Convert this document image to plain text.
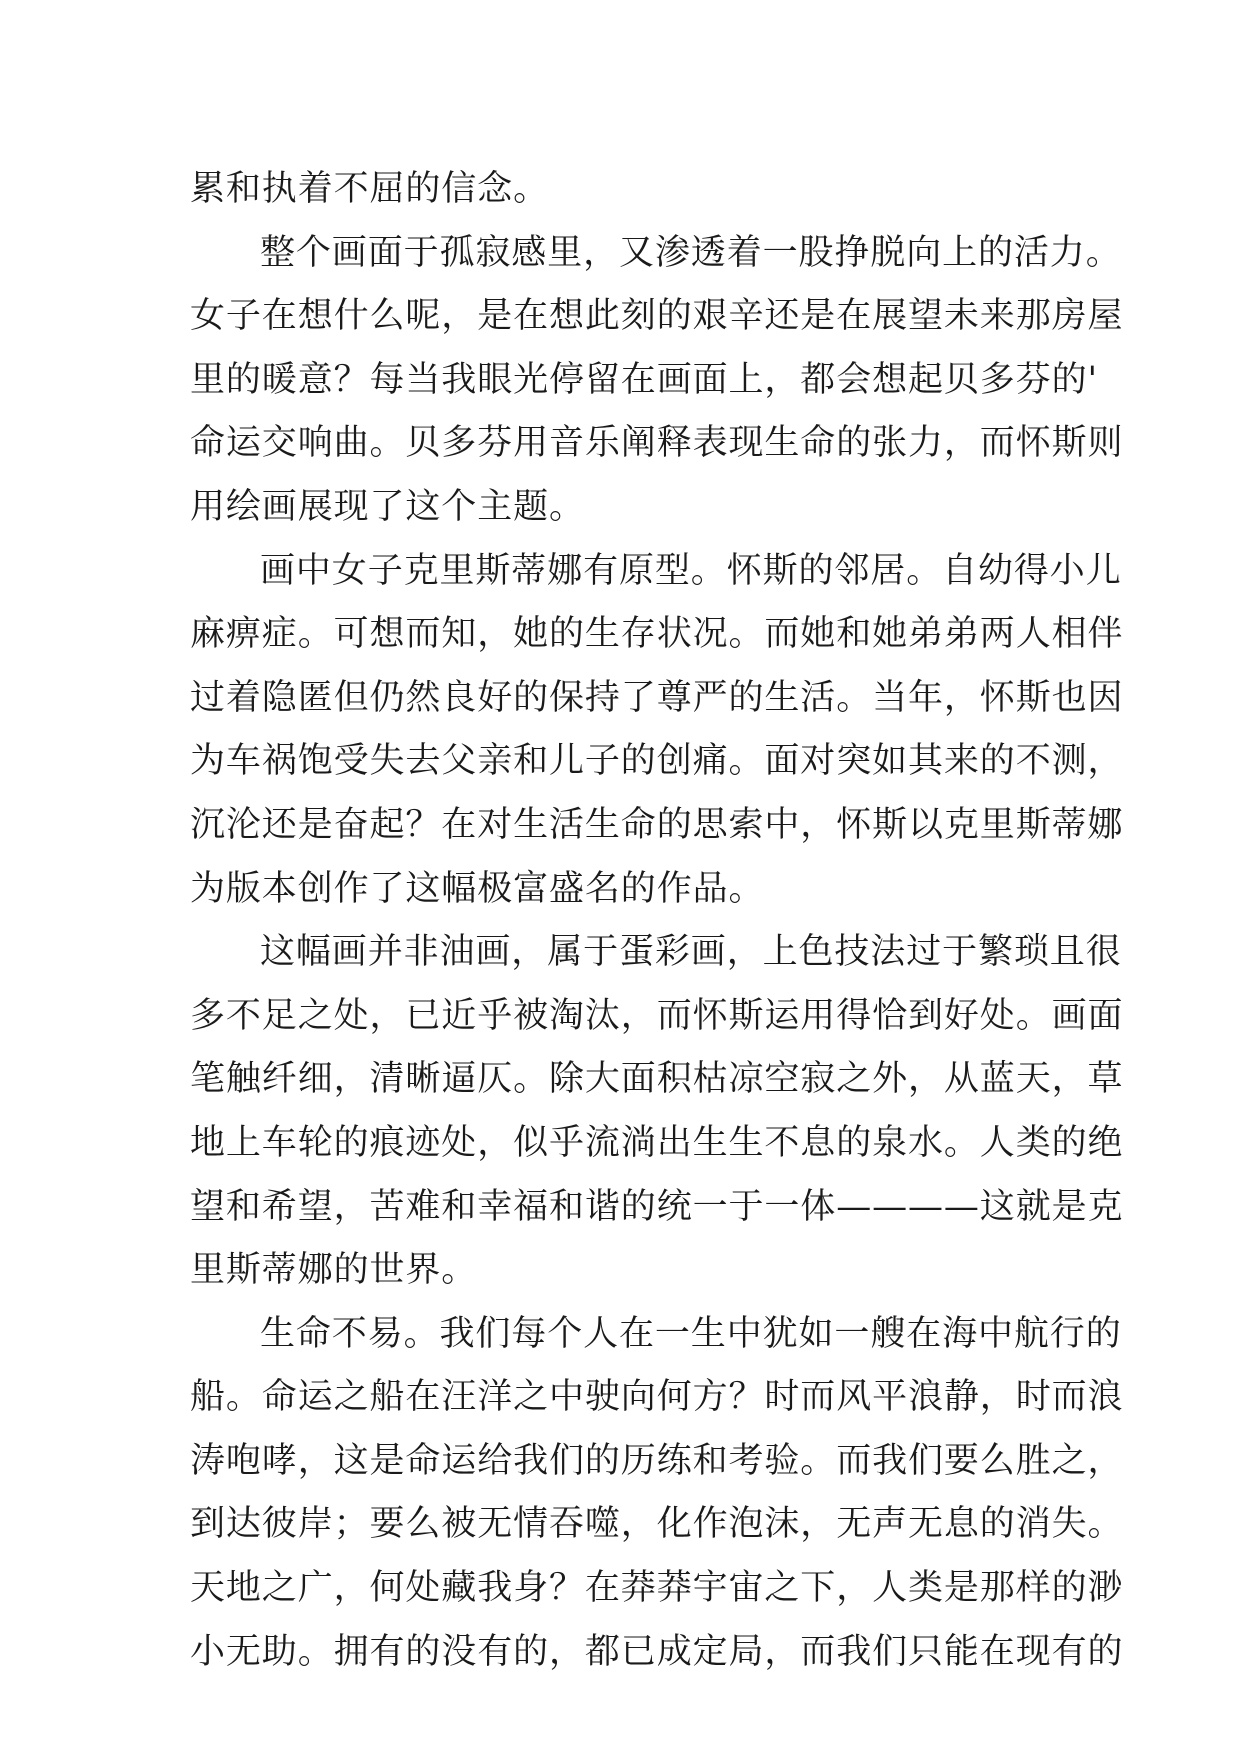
累和执着不屈的信念。
整个画面于孤寂感里，又渗透着一股挣脱向上的活力。
女子在想什么呢，是在想此刻的艰辛还是在展望未来那房屋
里的暖意？每当我眼光停留在画面上，都会想起贝多芬的'
命运交响曲。贝多芬用音乐阐释表现生命的张力，而怀斯则
用绘画展现了这个主题。
画中女子克里斯蒂娜有原型。怀斯的邻居。自幼得小儿
麻痹症。可想而知，她的生存状况。而她和她弟弟两人相伴
过着隐匿但仍然良好的保持了尊严的生活。当年，怀斯也因
为车祸饱受失去父亲和儿子的创痛。面对突如其来的不测，
沉沦还是奋起？在对生活生命的思索中，怀斯以克里斯蒂娜
为版本创作了这幅极富盛名的作品。
这幅画并非油画，属于蛋彩画，上色技法过于繁琐且很
多不足之处，已近乎被淘汰，而怀斯运用得恰到好处。画面
笔触纤细，清晰逼仄。除大面积枯凉空寂之外，从蓝天，草
地上车轮的痕迹处，似乎流淌出生生不息的泉水。人类的绝
望和希望，苦难和幸福和谐的统一于一体————这就是克
里斯蒂娜的世界。
生命不易。我们每个人在一生中犹如一艘在海中航行的
船。命运之船在汪洋之中驶向何方？时而风平浪静，时而浪
涛咆哮，这是命运给我们的历练和考验。而我们要么胜之，
到达彼岸；要么被无情吞噬，化作泡沫，无声无息的消失。
天地之广，何处藏我身？在莽莽宇宙之下，人类是那样的渺
小无助。拥有的没有的，都已成定局，而我们只能在现有的
